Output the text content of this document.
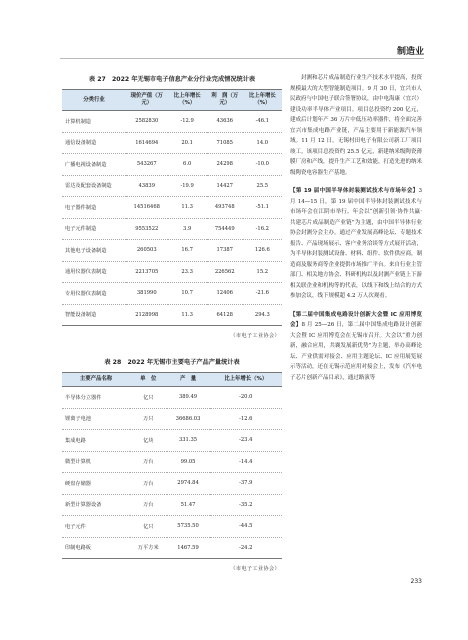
制造业
表 27　2022 年无锡市电子信息产业分行业完成情况统计表
分类行业	现价产值（万元）	比上年增长（%）	利　润（万元）	比上年增长（%）
计算机制造	2582830	-12.9	43636	-46.1
通信设备制造	1614694	20.1	71085	14.0
广播电视设备制造	543267	6.0	24298	-10.0
雷达及配套设备制造	43839	-19.9	14427	25.5
电子器件制造	14516468	11.3	493748	-51.1
电子元件制造	9553522	3.9	754449	-16.2
其他电子设备制造	260503	16.7	17387	126.6
通用仪器仪表制造	2213705	23.3	226562	15.2
专用仪器仪表制造	381990	10.7	12406	-21.6
智能设备制造	2128998	11.3	64128	294.3
（市电子工业协会）
表 28　2022 年无锡市主要电子产品产量统计表
主要产品名称	单　位	产　量	比上年增长（%）
半导体分立器件	亿只	389.49	-20.0
锂离子电池	万只	36686.03	-12.6
集成电路	亿块	331.35	-23.4
微型计算机	万台	99.05	-14.4
硬盘存储器	万台	2974.84	-37.9
新型计算器设备	万台	51.47	-35.2
电子元件	亿只	5735.50	-44.5
印制电路板	万平方米	1467.59	-24.2
（市电子工业协会）

封测和芯片成品制造行业生产技术水平提高，投资规模最大的大型智能制造项目。9 月 30 日，宜兴市人民政府与中国电子联合签署协议，由中电海康（宜兴）建设功率半导体产业项目。项目总投资约 200 亿元，建成后计划年产 36 万片中低压功率器件，将全面完善宜兴市集成电路产业链，产品主要用于新能源汽车领域。11 月 12 日，无锡村田电子有限公司新工厂项目竣工，该项目总投资约 25.5 亿元，新建纳米级陶瓷薄膜厂房和产线，提升生产工艺和效能，打造先进的纳米级陶瓷电容器生产基地。

【第 19 届中国半导体封装测试技术与市场年会】3 月 14—15 日，第 19 届中国半导体封装测试技术与市场年会在江阴市举行。年会以“创新引领·协作共赢·共建芯片成品制造产业链”为主题，由中国半导体行业协会封测分会主办。通过产业发展高峰论坛、专题技术报告、产品现场展示、客户业务洽谈等方式展开活动，为半导体封装测试设备、材料、组件、软件供应商，制造商及服务商等企业提供市场推广平台。来自行业主管部门、相关地方协会、科研机构以及封测产业链上下游相关联企业和机构等的代表，以线下和线上结合的方式参加会议，线下规模超 4.2 万人次观看。

【第二届中国集成电路设计创新大会暨 IC 应用博览会】8 月 25—26 日，第二届中国集成电路设计创新大会暨 IC 应用博览会在无锡市召开。大会以“重力创新，融合应用，共襄发展新优势”为主题，举办高峰论坛、产业供需对接会、应用主题论坛、IC 应用展览展示等活动，还在无锡示范应用对接会上，发布《汽车电子芯片创新产品目录》，通过路演等

233
